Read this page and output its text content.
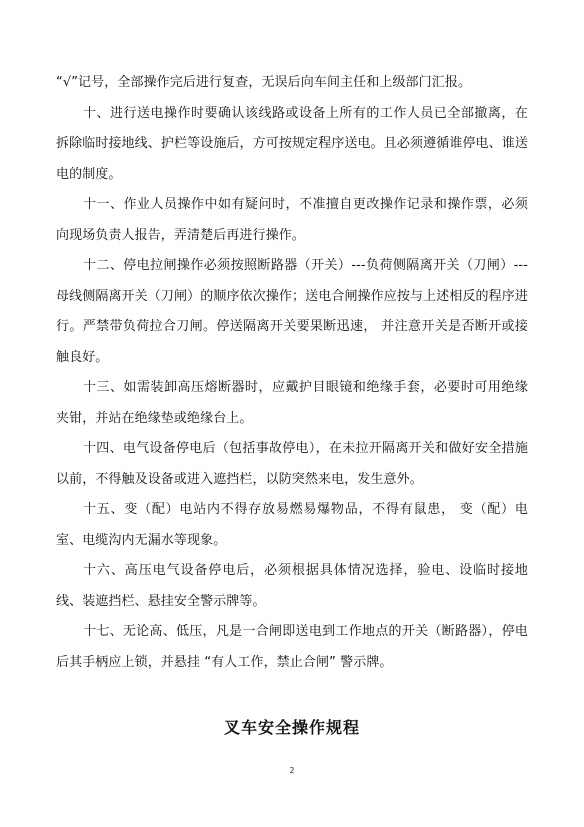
“√”记号，全部操作完后进行复查，无误后向车间主任和上级部门汇报。

十、进行送电操作时要确认该线路或设备上所有的工作人员已全部撤离，在拆除临时接地线、护栏等设施后，方可按规定程序送电。且必须遵循谁停电、谁送电的制度。

十一、作业人员操作中如有疑问时，不准擅自更改操作记录和操作票，必须向现场负责人报告，弄清楚后再进行操作。

十二、停电拉闸操作必须按照断路器（开关）---负荷侧隔离开关（刀闸）---母线侧隔离开关（刀闸）的顺序依次操作；送电合闸操作应按与上述相反的程序进行。严禁带负荷拉合刀闸。停送隔离开关要果断迅速， 并注意开关是否断开或接触良好。

十三、如需装卸高压熔断器时，应戴护目眼镜和绝缘手套，必要时可用绝缘夹钳，并站在绝缘垫或绝缘台上。

十四、电气设备停电后（包括事故停电），在未拉开隔离开关和做好安全措施以前，不得触及设备或进入遮挡栏，以防突然来电，发生意外。

十五、变（配）电站内不得存放易燃易爆物品，不得有鼠患， 变（配）电室、电缆沟内无漏水等现象。

十六、高压电气设备停电后，必须根据具体情况选择，验电、设临时接地线、装遮挡栏、悬挂安全警示牌等。

十七、无论高、低压，凡是一合闸即送电到工作地点的开关（断路器），停电后其手柄应上锁，并悬挂 “有人工作，禁止合闸” 警示牌。

叉车安全操作规程
2
